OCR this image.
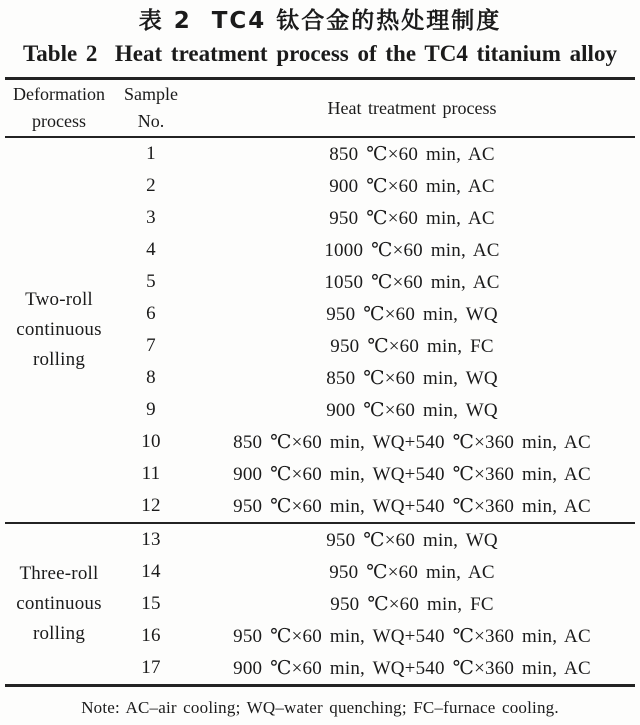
表 2  TC4 钛合金的热处理制度
Table 2  Heat treatment process of the TC4 titanium alloy
Deformation process	Sample No.	Heat treatment process
Two-roll continuous rolling	1	850 ℃×60 min, AC
	2	900 ℃×60 min, AC
	3	950 ℃×60 min, AC
	4	1000 ℃×60 min, AC
	5	1050 ℃×60 min, AC
	6	950 ℃×60 min, WQ
	7	950 ℃×60 min, FC
	8	850 ℃×60 min, WQ
	9	900 ℃×60 min, WQ
	10	850 ℃×60 min, WQ+540 ℃×360 min, AC
	11	900 ℃×60 min, WQ+540 ℃×360 min, AC
	12	950 ℃×60 min, WQ+540 ℃×360 min, AC
Three-roll continuous rolling	13	950 ℃×60 min, WQ
	14	950 ℃×60 min, AC
	15	950 ℃×60 min, FC
	16	950 ℃×60 min, WQ+540 ℃×360 min, AC
	17	900 ℃×60 min, WQ+540 ℃×360 min, AC
Note: AC–air cooling; WQ–water quenching; FC–furnace cooling.
